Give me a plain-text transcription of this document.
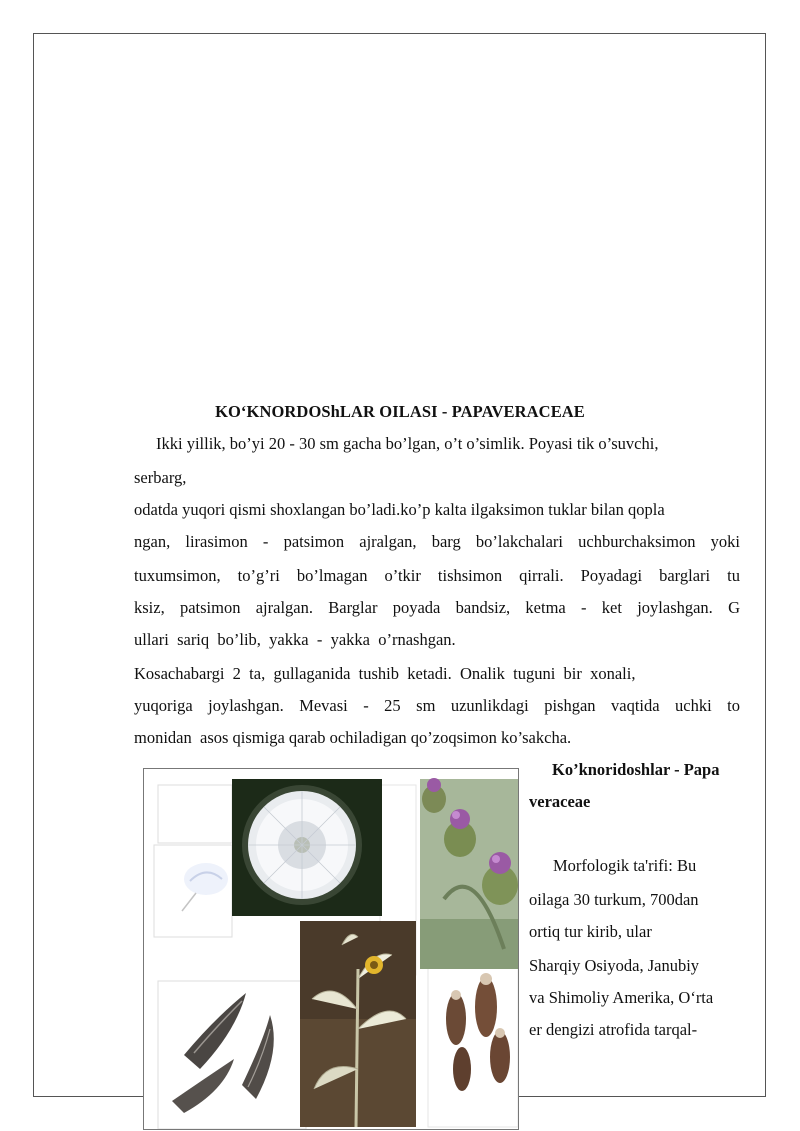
KO‘KNORDOShLAR OILASI - PAPAVERACEAE
Ikki yillik, bo’yi 20 - 30 sm gacha bo’lgan, o’t o’simlik. Poyasi tik o’suvchi,
serbarg,
odatda yuqori qismi shoxlangan bo’ladi.ko’p kalta ilgaksimon tuklar bilan qopla
ngan, lirasimon - patsimon ajralgan, barg bo’lakchalari uchburchaksimon yoki
tuxumsimon, to’g’ri bo’lmagan o’tkir tishsimon qirrali. Poyadagi barglari tu
ksiz, patsimon ajralgan. Barglar poyada bandsiz, ketma - ket joylashgan. G
ullari  sariq  bo’lib,  yakka  -  yakka  o’rnashgan.
Kosachabargi  2  ta,  gullaganida  tushib  ketadi.  Onalik  tuguni  bir  xonali,
yuqoriga joylashgan. Mevasi - 25 sm uzunlikdagi pishgan vaqtida uchki to
monidan  asos qismiga qarab ochiladigan qo’zoqsimon ko’sakcha.
Ko’knoridoshlar - Papa
veraceae
Morfologik ta'rifi: Bu
oilaga 30 turkum, 700dan
ortiq tur kirib, ular
Sharqiy Osiyoda, Janubiy
va Shimoliy Amerika, O‘rta
er dengizi atrofida tarqal-
